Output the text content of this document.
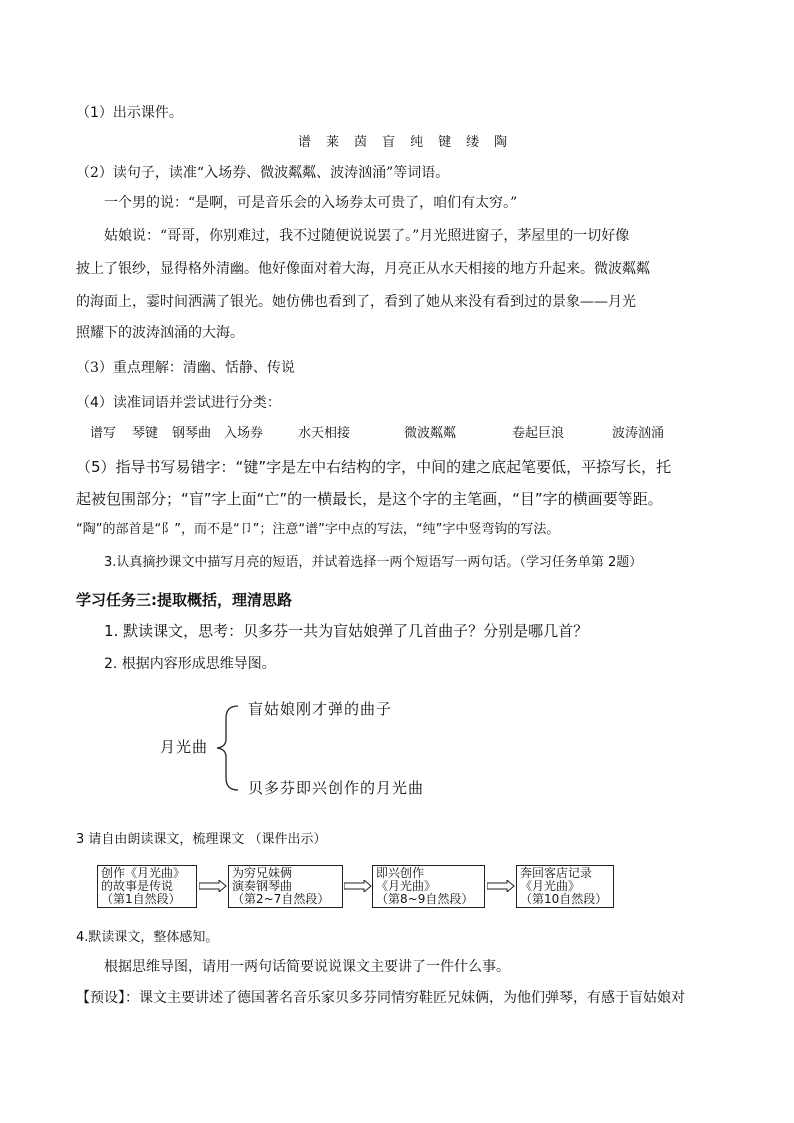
（1）出示课件。
谱 莱 茵 盲 纯 键 缕 陶
（2）读句子，读准“入场券、微波粼粼、波涛汹涌”等词语。
一个男的说：“是啊，可是音乐会的入场券太可贵了，咱们有太穷。”
姑娘说：“哥哥，你别难过，我不过随便说说罢了。”月光照进窗子，茅屋里的一切好像
披上了银纱，显得格外清幽。他好像面对着大海，月亮正从水天相接的地方升起来。微波粼粼
的海面上，霎时间洒满了银光。她仿佛也看到了，看到了她从来没有看到过的景象——月光
照耀下的波涛汹涌的大海。
（3）重点理解：清幽、恬静、传说
（4）读准词语并尝试进行分类：
谱写 琴键 钢琴曲 入场券	水天相接	微波粼粼	卷起巨浪	波涛汹涌
（5）指导书写易错字：“键”字是左中右结构的字，中间的建之底起笔要低，平捺写长，托
起被包围部分；“盲”字上面“亡”的一横最长，是这个字的主笔画，“目”字的横画要等距。
“陶”的部首是“阝”，而不是“卩”；注意“谱”字中点的写法，“纯”字中竖弯钩的写法。
3.认真摘抄课文中描写月亮的短语，并试着选择一两个短语写一两句话。（学习任务单第 2题）
学习任务三:提取概括，理清思路
1. 默读课文，思考：贝多芬一共为盲姑娘弹了几首曲子？分别是哪几首？
2. 根据内容形成思维导图。
月光曲
盲姑娘刚才弹的曲子
贝多芬即兴创作的月光曲
3 请自由朗读课文，梳理课文 （课件出示）
创作《月光曲》
的故事是传说
（第1自然段）
为穷兄妹俩
演奏钢琴曲
（第2~7自然段）
即兴创作
《月光曲》
（第8~9自然段）
奔回客店记录
《月光曲》
（第10自然段）
4.默读课文，整体感知。
根据思维导图，请用一两句话简要说说课文主要讲了一件什么事。
【预设】：课文主要讲述了德国著名音乐家贝多芬同情穷鞋匠兄妹俩，为他们弹琴，有感于盲姑娘对
